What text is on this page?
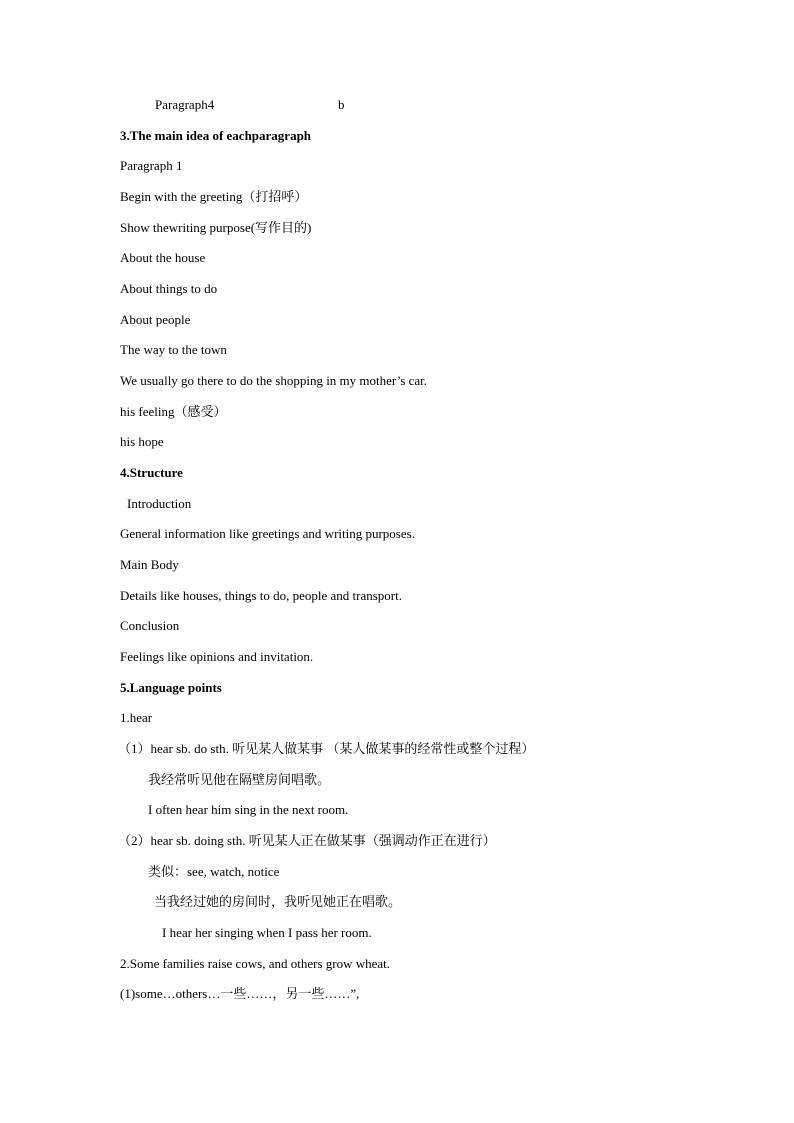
Paragraph4	b
3.The main idea of eachparagraph
Paragraph 1
Begin with the greeting（打招呼）
Show thewriting purpose(写作目的)
About the house
About things to do
About people
The way to the town
We usually go there to do the shopping in my mother’s car.
his feeling（感受）
his hope
4.Structure
Introduction
General information like greetings and writing purposes.
Main Body
Details like houses, things to do, people and transport.
Conclusion
Feelings like opinions and invitation.
5.Language points
1.hear
（1）hear sb. do sth. 听见某人做某事 （某人做某事的经常性或整个过程）
我经常听见他在隔壁房间唱歌。
I often hear him sing in the next room.
（2）hear sb. doing sth. 听见某人正在做某事（强调动作正在进行）
类似：see, watch, notice
当我经过她的房间时，我听见她正在唱歌。
I hear her singing when I pass her room.
2.Some families raise cows, and others grow wheat.
(1)some…others…一些……，另一些……”,
